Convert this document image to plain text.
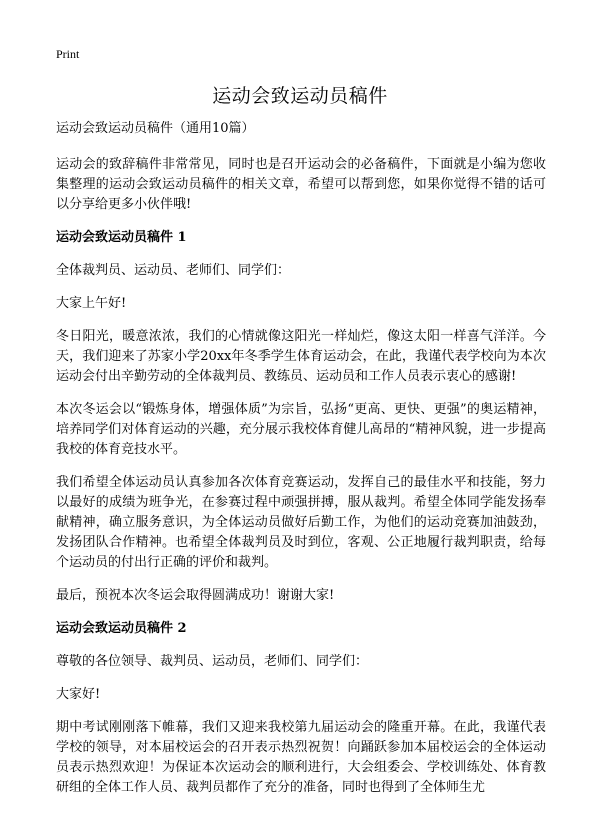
Print
运动会致运动员稿件

运动会致运动员稿件（通用10篇）

运动会的致辞稿件非常常见，同时也是召开运动会的必备稿件，下面就是小编为您收集整理的运动会致运动员稿件的相关文章，希望可以帮到您，如果你觉得不错的话可以分享给更多小伙伴哦!

运动会致运动员稿件 1

全体裁判员、运动员、老师们、同学们：

大家上午好!

冬日阳光，暖意浓浓，我们的心情就像这阳光一样灿烂，像这太阳一样喜气洋洋。今天，我们迎来了苏家小学20xx年冬季学生体育运动会，在此，我谨代表学校向为本次运动会付出辛勤劳动的全体裁判员、教练员、运动员和工作人员表示衷心的感谢!

本次冬运会以“锻炼身体，增强体质”为宗旨，弘扬“更高、更快、更强”的奥运精神，培养同学们对体育运动的兴趣，充分展示我校体育健儿高昂的“精神风貌，进一步提高我校的体育竞技水平。

我们希望全体运动员认真参加各次体育竞赛运动，发挥自己的最佳水平和技能，努力以最好的成绩为班争光，在参赛过程中顽强拼搏，服从裁判。希望全体同学能发扬奉献精神，确立服务意识，为全体运动员做好后勤工作，为他们的运动竞赛加油鼓劲，发扬团队合作精神。也希望全体裁判员及时到位，客观、公正地履行裁判职责，给每个运动员的付出行正确的评价和裁判。

最后，预祝本次冬运会取得圆满成功！谢谢大家!

运动会致运动员稿件 2

尊敬的各位领导、裁判员、运动员，老师们、同学们：

大家好!

期中考试刚刚落下帷幕，我们又迎来我校第九届运动会的隆重开幕。在此，我谨代表学校的领导，对本届校运会的召开表示热烈祝贺！向踊跃参加本届校运会的全体运动员表示热烈欢迎！为保证本次运动会的顺利进行，大会组委会、学校训练处、体育教研组的全体工作人员、裁判员都作了充分的准备，同时也得到了全体师生尤
